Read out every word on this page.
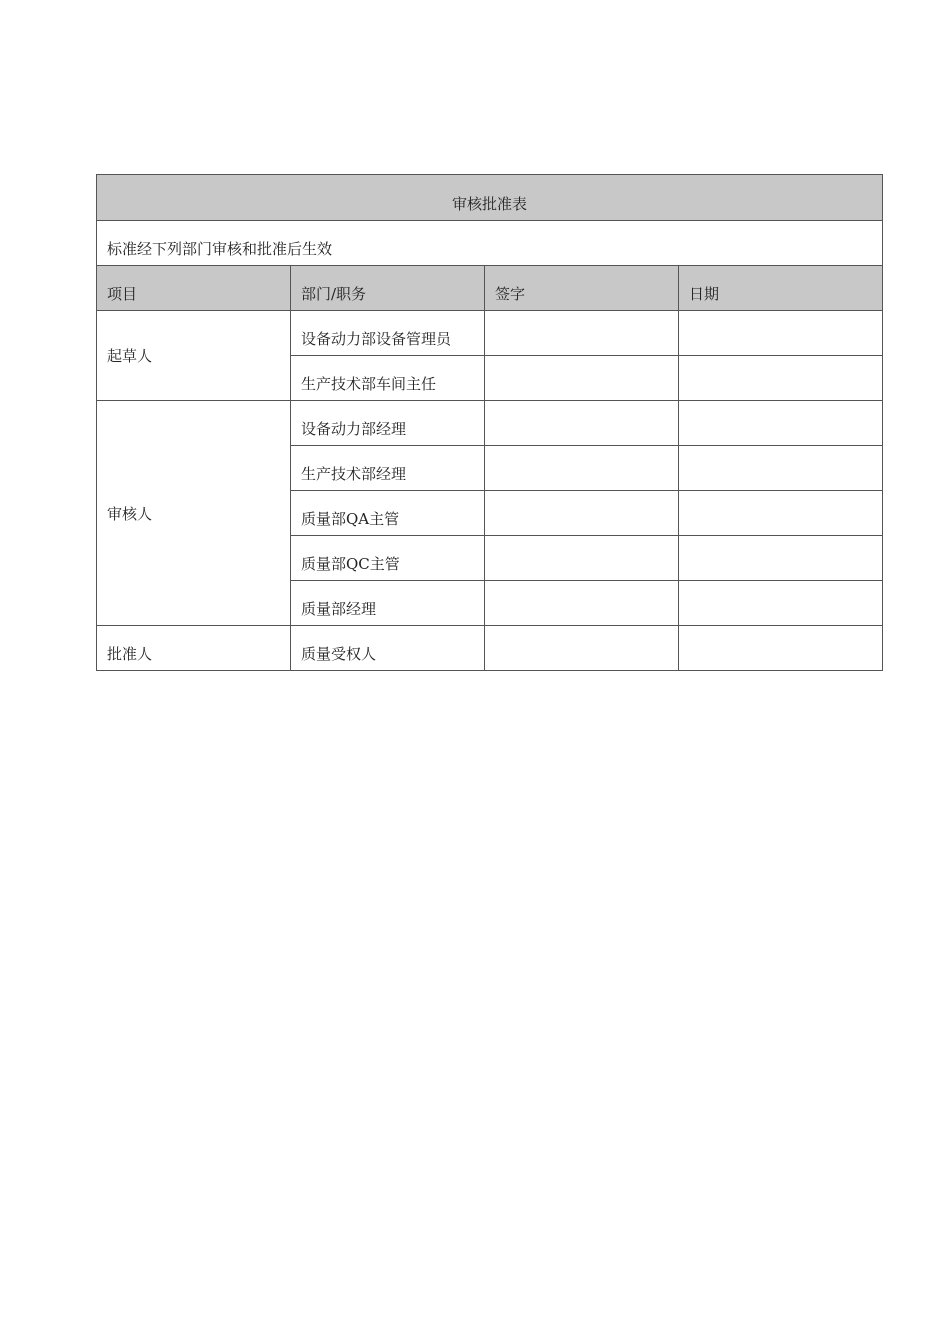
审核批准表			
标准经下列部门审核和批准后生效			
项目	部门/职务	签字	日期
起草人	设备动力部设备管理员		
	生产技术部车间主任		
审核人	设备动力部经理		
	生产技术部经理		
	质量部QA主管		
	质量部QC主管		
	质量部经理		
批准人	质量受权人		
